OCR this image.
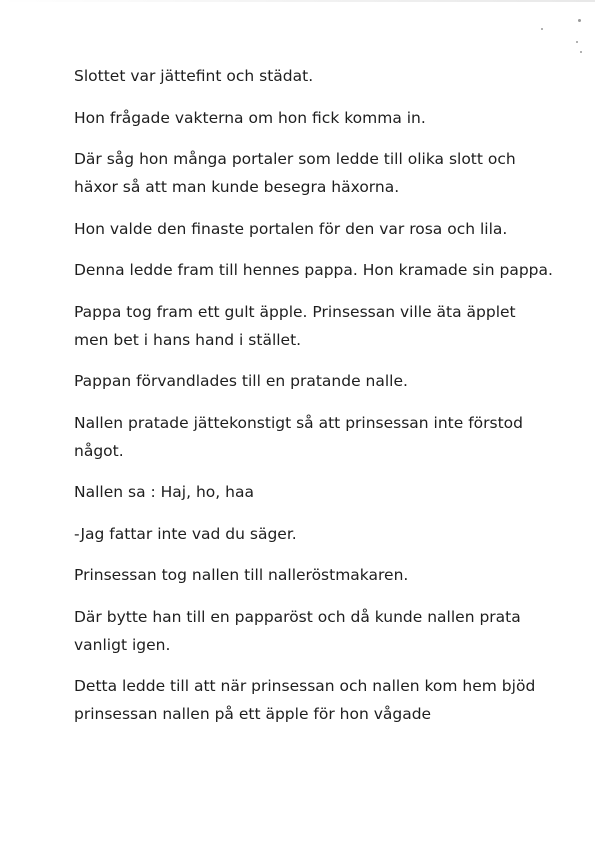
Slottet var jättefint och städat.

Hon frågade vakterna om hon fick komma in.

Där såg hon många portaler som ledde till olika slott och häxor så att man kunde besegra häxorna.

Hon valde den finaste portalen för den var rosa och lila.

Denna ledde fram till hennes pappa. Hon kramade sin pappa.

Pappa tog fram ett gult äpple. Prinsessan ville äta äpplet men bet i hans hand i stället.

Pappan förvandlades till en pratande nalle.

Nallen pratade jättekonstigt så att prinsessan inte förstod något.

Nallen sa : Haj, ho, haa

-Jag fattar inte vad du säger.

Prinsessan tog nallen till nalleröstmakaren.

Där bytte han till en papparöst och då kunde nallen prata vanligt igen.

Detta ledde till att när prinsessan och nallen kom hem bjöd prinsessan nallen på ett äpple för hon vågade
